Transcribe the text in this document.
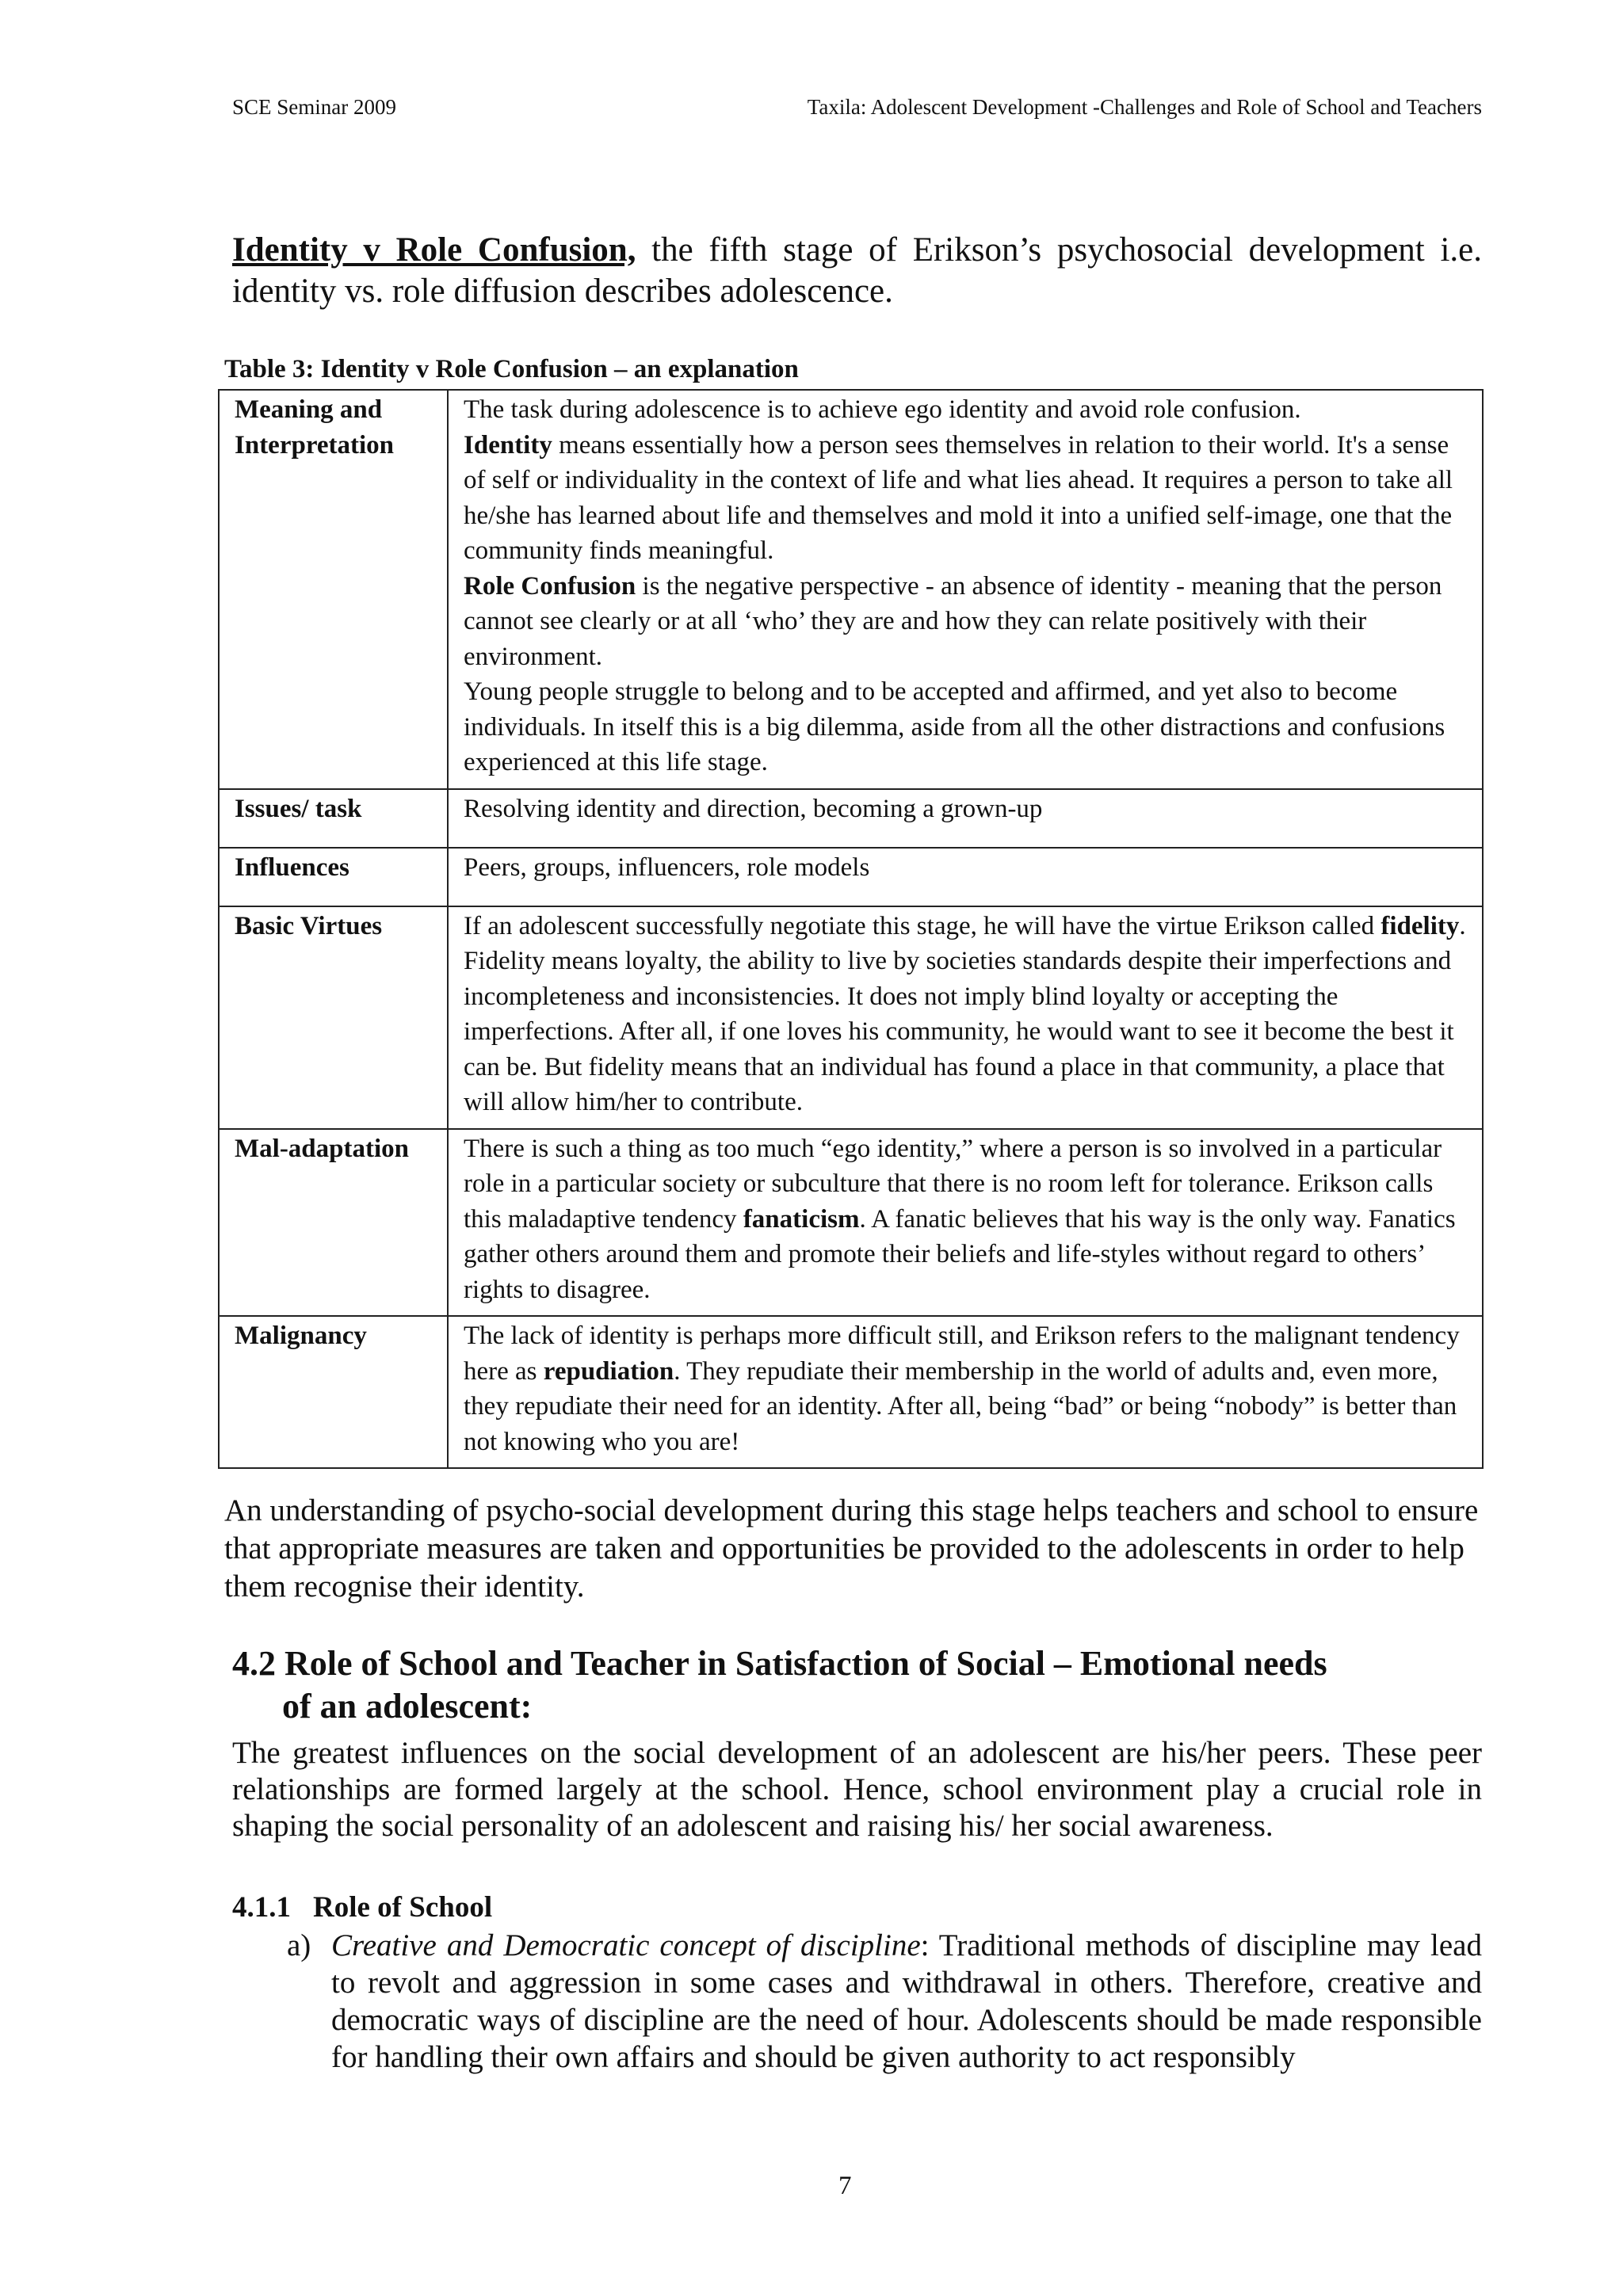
SCE Seminar 2009	Taxila: Adolescent Development -Challenges and Role of School and Teachers
Identity v Role Confusion, the fifth stage of Erikson’s psychosocial development i.e. identity vs. role diffusion describes adolescence.
Table 3: Identity v Role Confusion – an explanation
Meaning and Interpretation	The task during adolescence is to achieve ego identity and avoid role confusion.
Identity means essentially how a person sees themselves in relation to their world. It's a sense of self or individuality in the context of life and what lies ahead. It requires a person to take all he/she has learned about life and themselves and mold it into a unified self-image, one that the community finds meaningful.
Role Confusion is the negative perspective - an absence of identity - meaning that the person cannot see clearly or at all ‘who’ they are and how they can relate positively with their environment.
Young people struggle to belong and to be accepted and affirmed, and yet also to become individuals. In itself this is a big dilemma, aside from all the other distractions and confusions experienced at this life stage.

Issues/ task	Resolving identity and direction, becoming a grown-up
Influences	Peers, groups, influencers, role models
Basic Virtues	If an adolescent successfully negotiate this stage, he will have the virtue Erikson called fidelity. Fidelity means loyalty, the ability to live by societies standards despite their imperfections and incompleteness and inconsistencies. It does not imply blind loyalty or accepting the imperfections. After all, if one loves his community, he would want to see it become the best it can be. But fidelity means that an individual has found a place in that community, a place that will allow him/her to contribute.
Mal-adaptation	There is such a thing as too much “ego identity,” where a person is so involved in a particular role in a particular society or subculture that there is no room left for tolerance. Erikson calls this maladaptive tendency fanaticism. A fanatic believes that his way is the only way. Fanatics gather others around them and promote their beliefs and life-styles without regard to others’ rights to disagree.
Malignancy	The lack of identity is perhaps more difficult still, and Erikson refers to the malignant tendency here as repudiation. They repudiate their membership in the world of adults and, even more, they repudiate their need for an identity. After all, being “bad” or being “nobody” is better than not knowing who you are!
An understanding of psycho-social development during this stage helps teachers and school to ensure that appropriate measures are taken and opportunities be provided to the adolescents in order to help them recognise their identity.
4.2 Role of School and Teacher in Satisfaction of Social – Emotional needs
of an adolescent:
The greatest influences on the social development of an adolescent are his/her peers. These peer relationships are formed largely at the school. Hence, school environment play a crucial role in shaping the social personality of an adolescent and raising his/ her social awareness.
4.1.1 Role of School
a) Creative and Democratic concept of discipline: Traditional methods of discipline may lead to revolt and aggression in some cases and withdrawal in others. Therefore, creative and democratic ways of discipline are the need of hour. Adolescents should be made responsible for handling their own affairs and should be given authority to act responsibly
7
